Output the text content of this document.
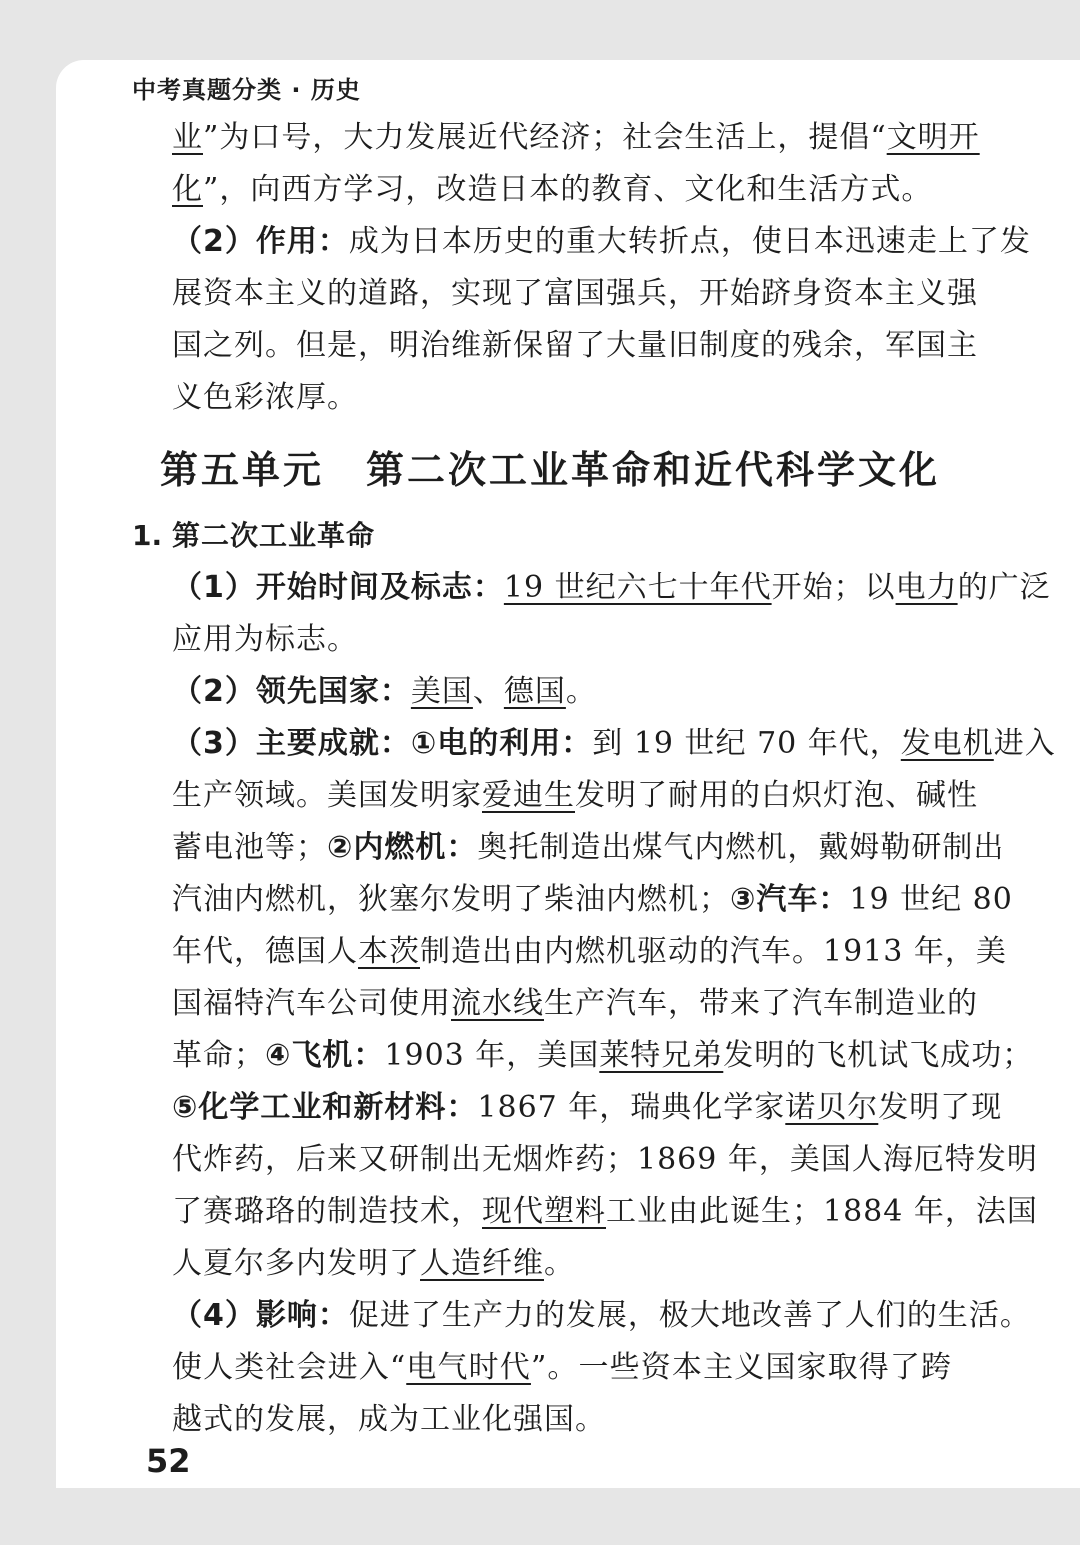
中考真题分类 · 历史
业”为口号，大力发展近代经济；社会生活上，提倡“文明开
化”，向西方学习，改造日本的教育、文化和生活方式。
（2）作用：成为日本历史的重大转折点，使日本迅速走上了发
展资本主义的道路，实现了富国强兵，开始跻身资本主义强
国之列。但是，明治维新保留了大量旧制度的残余，军国主
义色彩浓厚。
第五单元 第二次工业革命和近代科学文化
1. 第二次工业革命
（1）开始时间及标志：19 世纪六七十年代开始；以电力的广泛
应用为标志。
（2）领先国家：美国、德国。
（3）主要成就：①电的利用：到 19 世纪 70 年代，发电机进入
生产领域。美国发明家爱迪生发明了耐用的白炽灯泡、碱性
蓄电池等；②内燃机：奥托制造出煤气内燃机，戴姆勒研制出
汽油内燃机，狄塞尔发明了柴油内燃机；③汽车：19 世纪 80
年代，德国人本茨制造出由内燃机驱动的汽车。1913 年，美
国福特汽车公司使用流水线生产汽车，带来了汽车制造业的
革命；④飞机：1903 年，美国莱特兄弟发明的飞机试飞成功；
⑤化学工业和新材料：1867 年，瑞典化学家诺贝尔发明了现
代炸药，后来又研制出无烟炸药；1869 年，美国人海厄特发明
了赛璐珞的制造技术，现代塑料工业由此诞生；1884 年，法国
人夏尔多内发明了人造纤维。
（4）影响：促进了生产力的发展，极大地改善了人们的生活。
使人类社会进入“电气时代”。一些资本主义国家取得了跨
越式的发展，成为工业化强国。
52
